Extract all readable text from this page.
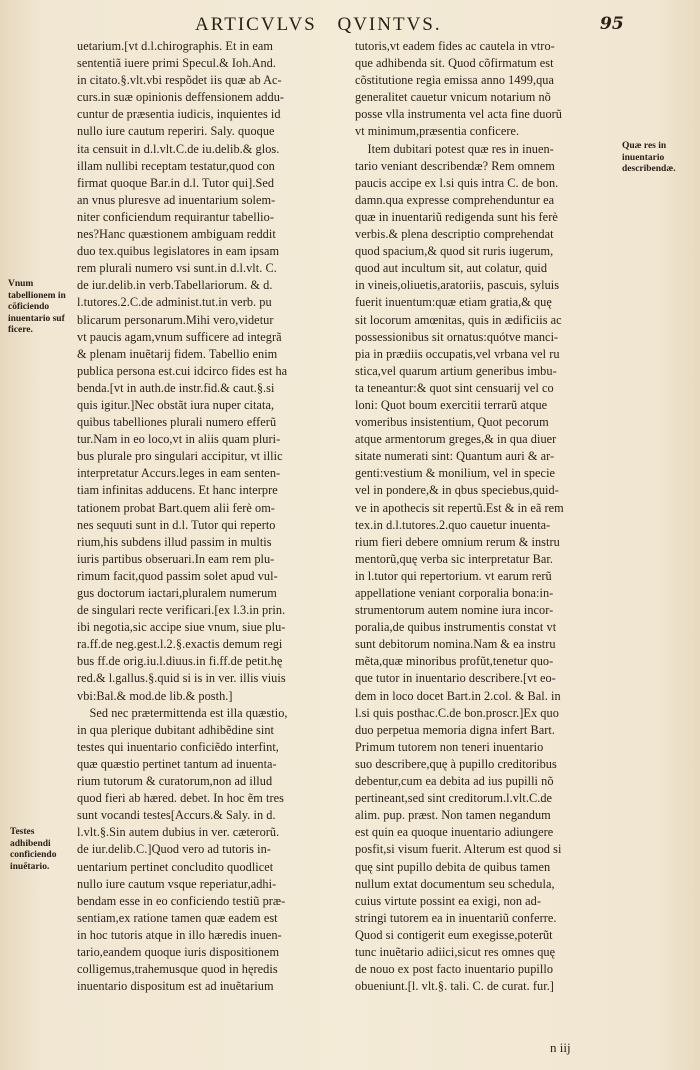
ARTICVLVS QVINTVS.	95
uetarium.[vt d.l.chirographis. Et in eam
sententiã iuere primi Specul.& Ioh.And.
in citato.§.vlt.vbi respõdet iis quæ ab Ac-
curs.in suæ opinionis deffensionem addu-
cuntur de præsentia iudicis, inquientes id
nullo iure cautum reperiri. Saly. quoque
ita censuit in d.l.vlt.C.de iu.delib.& glos.
illam nullibi receptam testatur,quod con
firmat quoque Bar.in d.l. Tutor qui].Sed
an vnus pluresve ad inuentarium solem-
niter conficiendum requirantur tabellio-
nes?Hanc quæstionem ambiguam reddit
duo tex.quibus legislatores in eam ipsam
rem plurali numero vsi sunt.in d.l.vlt. C.
de iur.delib.in verb.Tabellariorum. & d.
l.tutores.2.C.de administ.tut.in verb. pu
blicarum personarum.Mihi vero,videtur
vt paucis agam,vnum sufficere ad integrã
& plenam inuẽtarij fidem. Tabellio enim
publica persona est.cui idcirco fides est ha
benda.[vt in auth.de instr.fid.& caut.§.si
quis igitur.]Nec obstãt iura nuper citata,
quibus tabelliones plurali numero efferũ
tur.Nam in eo loco,vt in aliis quam pluri-
bus plurale pro singulari accipitur, vt illic
interpretatur Accurs.leges in eam senten-
tiam infinitas adducens. Et hanc interpre
tationem probat Bart.quem alii ferè om-
nes sequuti sunt in d.l. Tutor qui reperto
rium,his subdens illud passim in multis
iuris partibus obseruari.In eam rem plu-
rimum facit,quod passim solet apud vul-
gus doctorum iactari,pluralem numerum
de singulari recte verificari.[ex l.3.in prin.
ibi negotia,sic accipe siue vnum, siue plu-
ra.ff.de neg.gest.l.2.§.exactis demum regi
bus ff.de orig.iu.l.diuus.in fi.ff.de petit.hę
red.& l.gallus.§.quid si is in ver. illis viuis
vbi:Bal.& mod.de lib.& posth.]
Sed nec prætermittenda est illa quæstio,
in qua plerique dubitant adhibẽdine sint
testes qui inuentario conficiẽdo interfint,
quæ quæstio pertinet tantum ad inuenta-
rium tutorum & curatorum,non ad illud
quod fieri ab hæred. debet. In hoc ẽm tres
sunt vocandi testes[Accurs.& Saly. in d.
l.vlt.§.Sin autem dubius in ver. cæterorũ.
de iur.delib.C.]Quod vero ad tutoris in-
uentarium pertinet concludito quodlicet
nullo iure cautum vsque reperiatur,adhi-
bendam esse in eo conficiendo testiũ præ-
sentiam,ex ratione tamen quæ eadem est
in hoc tutoris atque in illo hæredis inuen-
tario,eandem quoque iuris dispositionem
colligemus,trahemusque quod in hęredis
inuentario dispositum est ad inuẽtarium
tutoris,vt eadem fides ac cautela in vtro-
que adhibenda sit. Quod cõfirmatum est
cõstitutione regia emissa anno 1499,qua
generalitet cauetur vnicum notarium nõ
posse vlla instrumenta vel acta fine duorũ
vt minimum,præsentia conficere.
Item dubitari potest quæ res in inuen-
tario veniant describendæ? Rem omnem
paucis accipe ex l.si quis intra C. de bon.
damn.qua expresse comprehenduntur ea
quæ in inuentariũ redigenda sunt his ferè
verbis.& plena descriptio comprehendat
quod spacium,& quod sit ruris iugerum,
quod aut incultum sit, aut colatur, quid
in vineis,oliuetis,aratoriis, pascuis, syluis
fuerit inuentum:quæ etiam gratia,& quę
sit locorum amœnitas, quis in ædificiis ac
possessionibus sit ornatus:quótve manci-
pia in prædiis occupatis,vel vrbana vel ru
stica,vel quarum artium generibus imbu-
ta teneantur:& quot sint censuarij vel co
loni: Quot boum exercitii terrarũ atque
vomeribus insistentium, Quot pecorum
atque armentorum greges,& in qua diuer
sitate numerati sint: Quantum auri & ar-
genti:vestium & monilium, vel in specie
vel in pondere,& in qbus speciebus,quid-
ve in apothecis sit repertũ.Est & in eã rem
tex.in d.l.tutores.2.quo cauetur inuenta-
rium fieri debere omnium rerum & instru
mentorũ,quę verba sic interpretatur Bar.
in l.tutor qui repertorium. vt earum rerũ
appellatione veniant corporalia bona:in-
strumentorum autem nomine iura incor-
poralia,de quibus instrumentis constat vt
sunt debitorum nomina.Nam & ea instru
mẽta,quæ minoribus profũt,tenetur quo-
que tutor in inuentario describere.[vt eo-
dem in loco docet Bart.in 2.col. & Bal. in
l.si quis posthac.C.de bon.proscr.]Ex quo
duo perpetua memoria digna infert Bart.
Primum tutorem non teneri inuentario
suo describere,quę à pupillo creditoribus
debentur,cum ea debita ad ius pupilli nõ
pertineant,sed sint creditorum.l.vlt.C.de
alim. pup. præst. Non tamen negandum
est quin ea quoque inuentario adiungere
posfit,si visum fuerit. Alterum est quod si
quę sint pupillo debita de quibus tamen
nullum extat documentum seu schedula,
cuius virtute possint ea exigi, non ad-
stringi tutorem ea in inuentariũ conferre.
Quod si contigerit eum exegisse,poterũt
tunc inuẽtario adiici,sicut res omnes quę
de nouo ex post facto inuentario pupillo
obueniunt.[l. vlt.§. tali. C. de curat. fur.]
Vnum tabellionem in cõficiendo inuentario suf ficere.
Testes adhibendi conficiendo inuẽtario.
Quæ res in inuentario describendæ.
n iij
